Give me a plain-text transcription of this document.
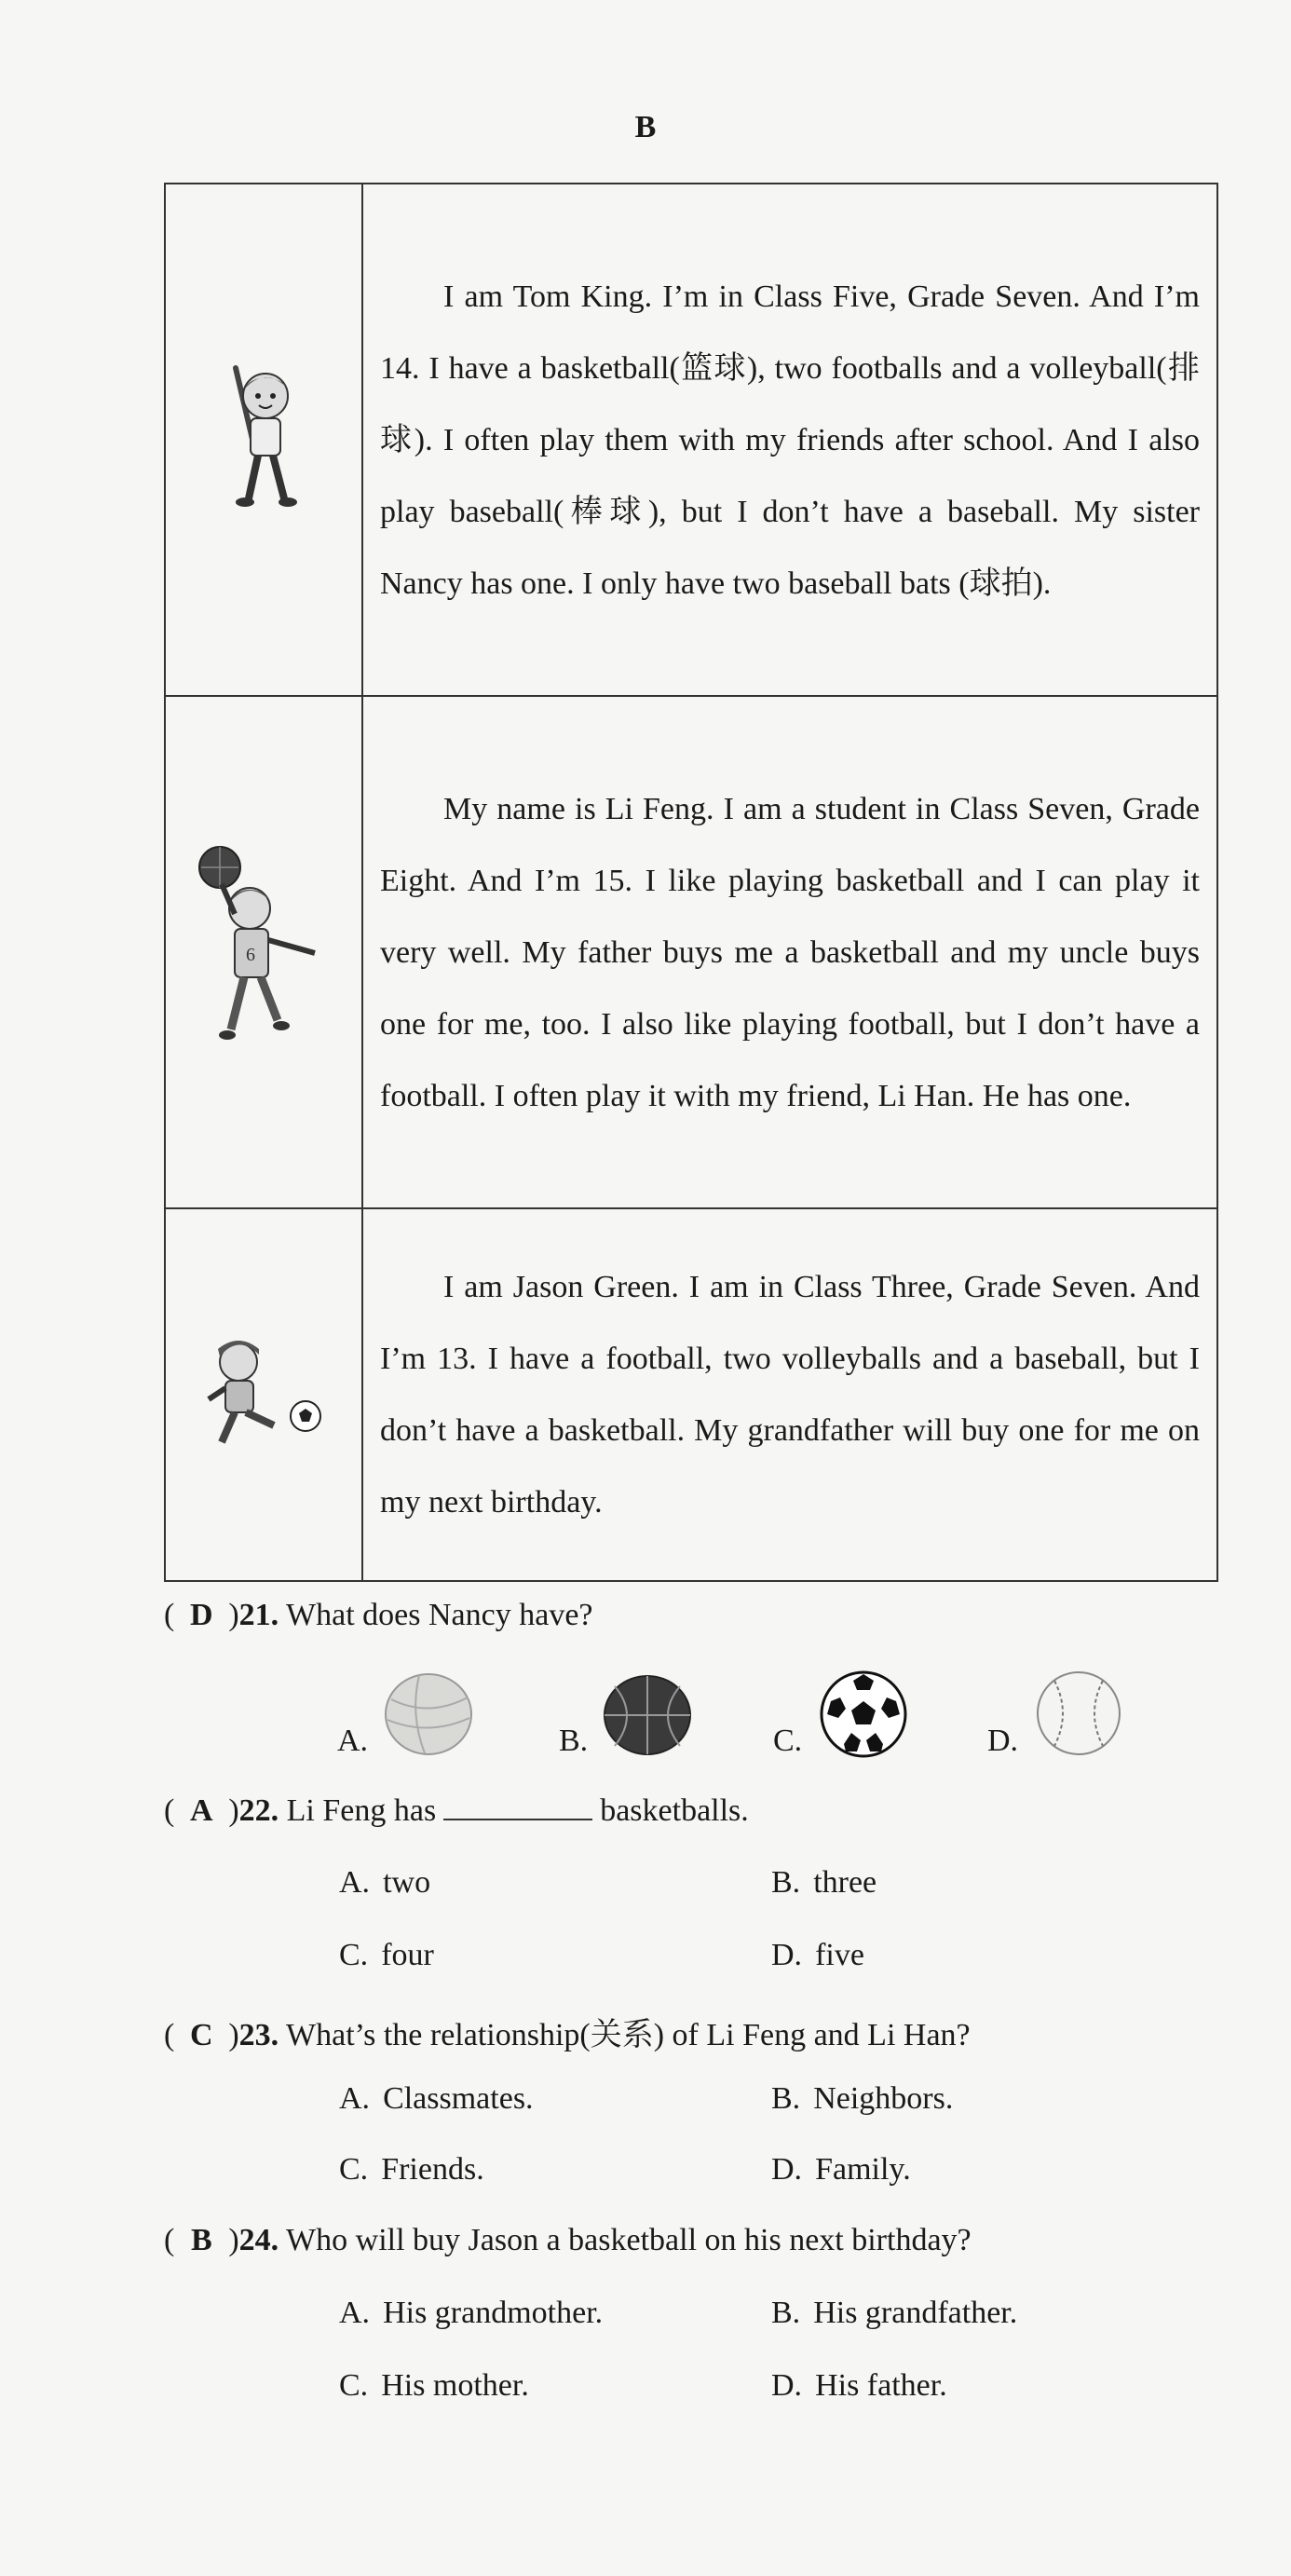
B

I am Tom King. I’m in Class Five, Grade Seven. And I’m 14. I have a basketball(篮球), two footballs and a volleyball(排球). I often play them with my friends after school. And I also play baseball(棒球), but I don’t have a baseball. My sister Nancy has one. I only have two baseball bats (球拍).

6	My name is Li Feng. I am a student in Class Seven, Grade Eight. And I’m 15. I like playing basketball and I can play it very well. My father buys me a basketball and my uncle buys one for me, too. I also like playing football, but I don’t have a football. I often play it with my friend, Li Han. He has one.

I am Jason Green. I am in Class Three, Grade Seven. And I’m 13. I have a football, two volleyballs and a baseball, but I don’t have a basketball. My grandfather will buy one for me on my next birthday.

( D )21. What does Nancy have?
A.	B.	C.	D.
( A )22. Li Feng has	basketballs.
A. two	B. three
C. four	D. five
( C )23. What’s the relationship(关系) of Li Feng and Li Han?
A. Classmates.	B. Neighbors.
C. Friends.	D. Family.
( B )24. Who will buy Jason a basketball on his next birthday?
A. His grandmother.	B. His grandfather.
C. His mother.	D. His father.
